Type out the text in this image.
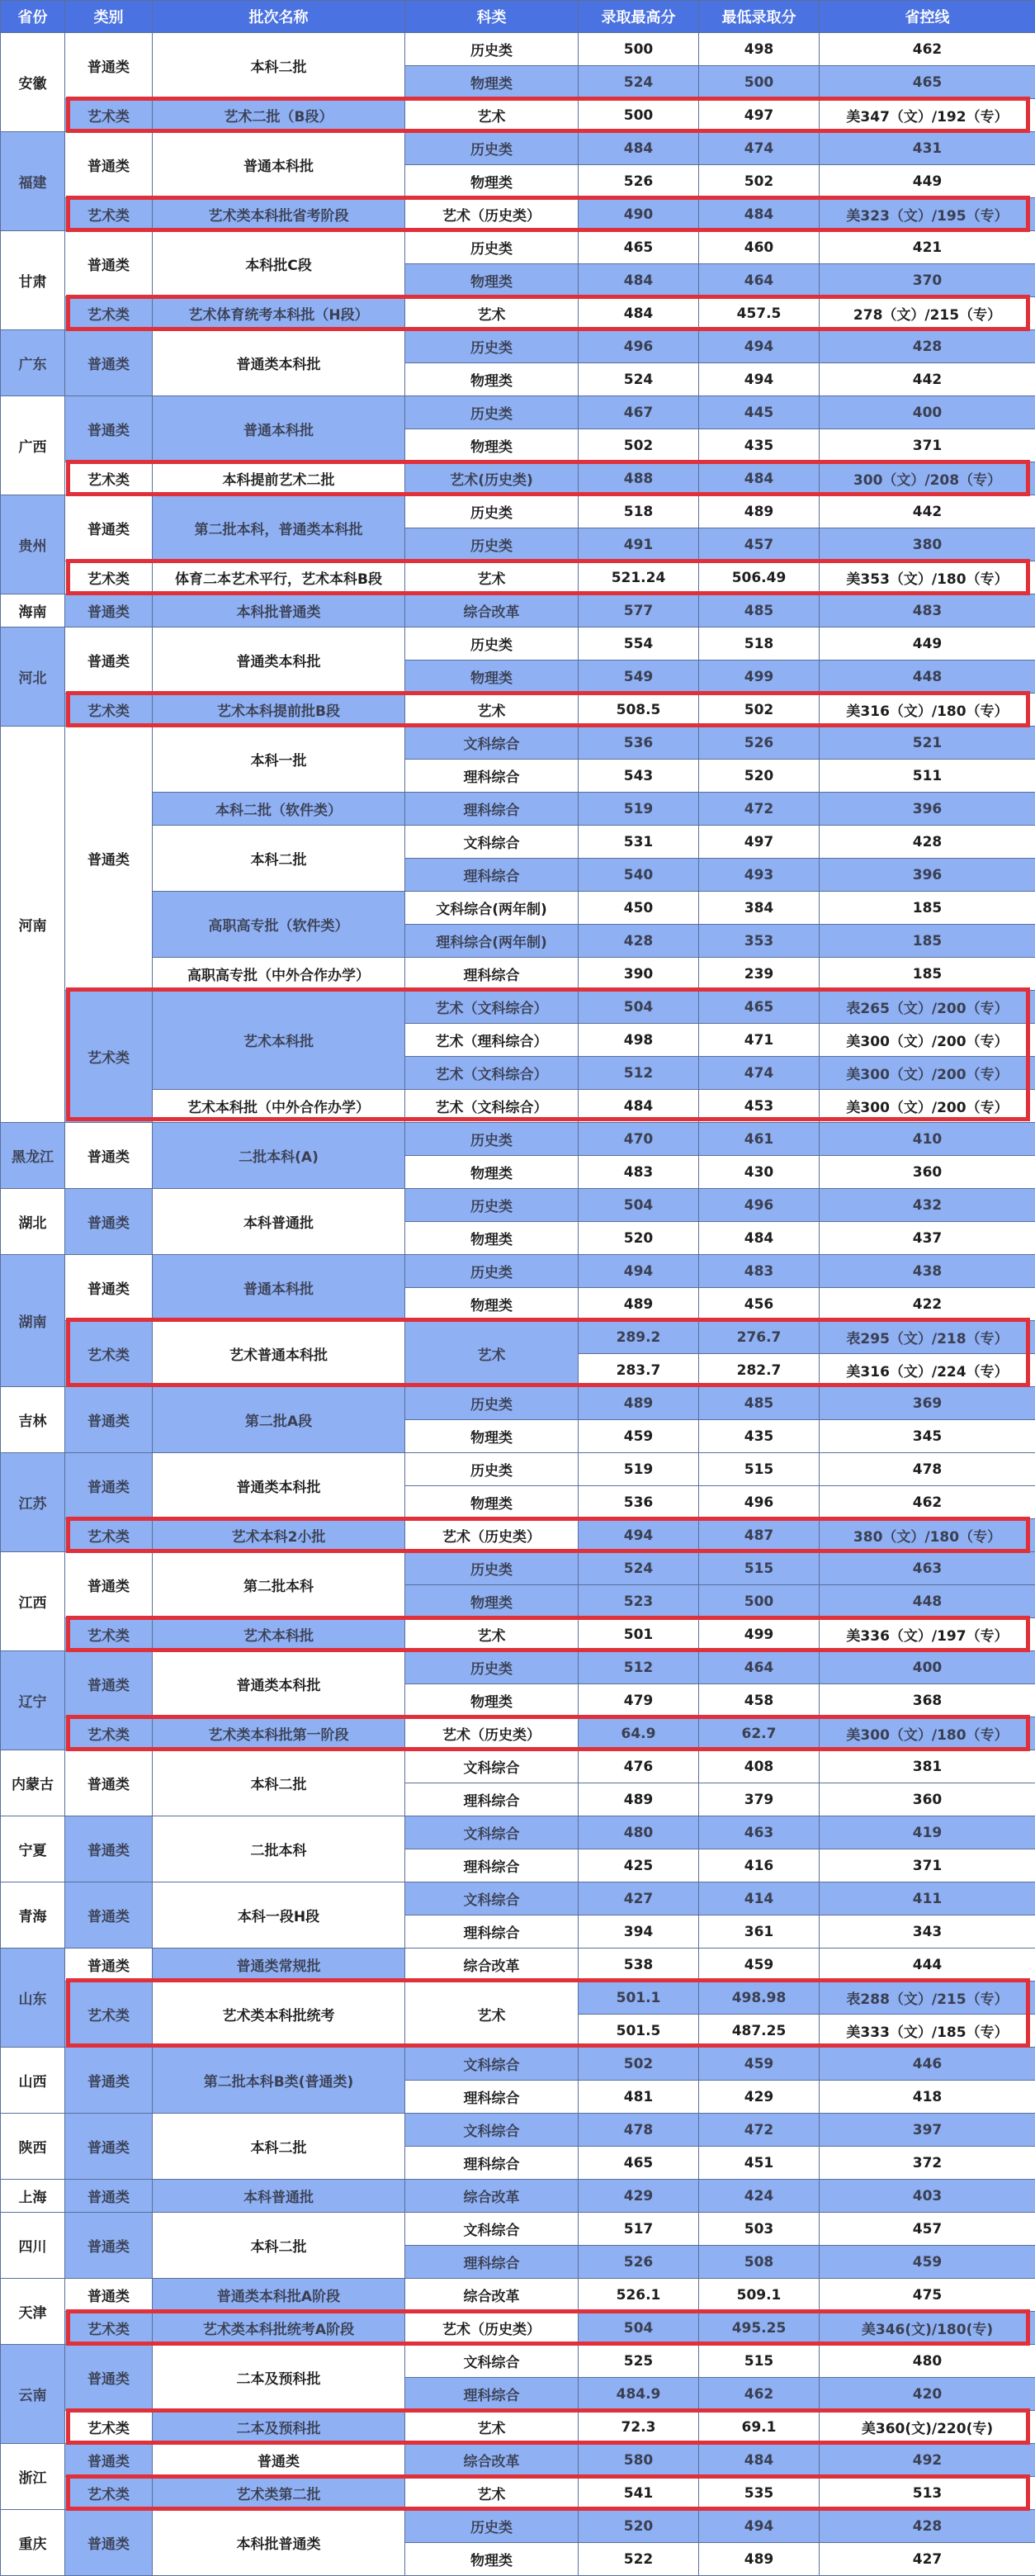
省份	类别	批次名称	科类	录取最高分	最低录取分	省控线
安徽	普通类	本科二批	历史类	500	498	462
			物理类	524	500	465
	艺术类	艺术二批（B段）	艺术	500	497	美347（文）/192（专）
福建	普通类	普通本科批	历史类	484	474	431
			物理类	526	502	449
	艺术类	艺术类本科批省考阶段	艺术（历史类）	490	484	美323（文）/195（专）
甘肃	普通类	本科批C段	历史类	465	460	421
			物理类	484	464	370
	艺术类	艺术体育统考本科批（H段）	艺术	484	457.5	278（文）/215（专）
广东	普通类	普通类本科批	历史类	496	494	428
			物理类	524	494	442
广西	普通类	普通本科批	历史类	467	445	400
			物理类	502	435	371
	艺术类	本科提前艺术二批	艺术(历史类)	488	484	300（文）/208（专）
贵州	普通类	第二批本科，普通类本科批	历史类	518	489	442
			历史类	491	457	380
	艺术类	体育二本艺术平行，艺术本科B段	艺术	521.24	506.49	美353（文）/180（专）
海南	普通类	本科批普通类	综合改革	577	485	483
河北	普通类	普通类本科批	历史类	554	518	449
			物理类	549	499	448
	艺术类	艺术本科提前批B段	艺术	508.5	502	美316（文）/180（专）
河南	普通类	本科一批	文科综合	536	526	521
			理科综合	543	520	511
		本科二批（软件类）	理科综合	519	472	396
		本科二批	文科综合	531	497	428
			理科综合	540	493	396
		高职高专批（软件类）	文科综合(两年制)	450	384	185
			理科综合(两年制)	428	353	185
		高职高专批（中外合作办学）	理科综合	390	239	185
	艺术类	艺术本科批	艺术（文科综合）	504	465	表265（文）/200（专）
			艺术（理科综合）	498	471	美300（文）/200（专）
			艺术（文科综合）	512	474	美300（文）/200（专）
		艺术本科批（中外合作办学）	艺术（文科综合）	484	453	美300（文）/200（专）
黑龙江	普通类	二批本科(A)	历史类	470	461	410
			物理类	483	430	360
湖北	普通类	本科普通批	历史类	504	496	432
			物理类	520	484	437
湖南	普通类	普通本科批	历史类	494	483	438
			物理类	489	456	422
	艺术类	艺术普通本科批	艺术	289.2	276.7	表295（文）/218（专）
				283.7	282.7	美316（文）/224（专）
吉林	普通类	第二批A段	历史类	489	485	369
			物理类	459	435	345
江苏	普通类	普通类本科批	历史类	519	515	478
			物理类	536	496	462
	艺术类	艺术本科2小批	艺术（历史类）	494	487	380（文）/180（专）
江西	普通类	第二批本科	历史类	524	515	463
			物理类	523	500	448
	艺术类	艺术本科批	艺术	501	499	美336（文）/197（专）
辽宁	普通类	普通类本科批	历史类	512	464	400
			物理类	479	458	368
	艺术类	艺术类本科批第一阶段	艺术（历史类）	64.9	62.7	美300（文）/180（专）
内蒙古	普通类	本科二批	文科综合	476	408	381
			理科综合	489	379	360
宁夏	普通类	二批本科	文科综合	480	463	419
			理科综合	425	416	371
青海	普通类	本科一段H段	文科综合	427	414	411
			理科综合	394	361	343
山东	普通类	普通类常规批	综合改革	538	459	444
	艺术类	艺术类本科批统考	艺术	501.1	498.98	表288（文）/215（专）
				501.5	487.25	美333（文）/185（专）
山西	普通类	第二批本科B类(普通类)	文科综合	502	459	446
			理科综合	481	429	418
陕西	普通类	本科二批	文科综合	478	472	397
			理科综合	465	451	372
上海	普通类	本科普通批	综合改革	429	424	403
四川	普通类	本科二批	文科综合	517	503	457
			理科综合	526	508	459
天津	普通类	普通类本科批A阶段	综合改革	526.1	509.1	475
	艺术类	艺术类本科批统考A阶段	艺术（历史类）	504	495.25	美346(文)/180(专)
云南	普通类	二本及预科批	文科综合	525	515	480
			理科综合	484.9	462	420
	艺术类	二本及预科批	艺术	72.3	69.1	美360(文)/220(专)
浙江	普通类	普通类	综合改革	580	484	492
	艺术类	艺术类第二批	艺术	541	535	513
重庆	普通类	本科批普通类	历史类	520	494	428
			物理类	522	489	427
